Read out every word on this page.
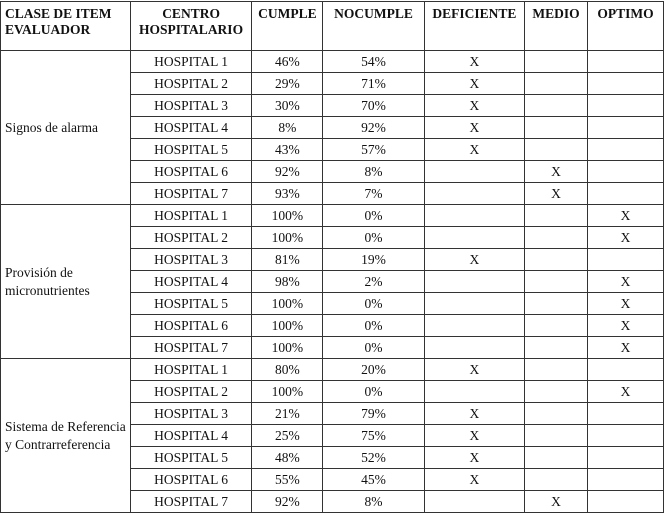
CLASE DE ITEM EVALUADOR	CENTRO HOSPITALARIO	CUMPLE	NOCUMPLE	DEFICIENTE	MEDIO	OPTIMO
Signos de alarma	HOSPITAL 1	46%	54%	X		
	HOSPITAL 2	29%	71%	X		
	HOSPITAL 3	30%	70%	X		
	HOSPITAL 4	8%	92%	X		
	HOSPITAL 5	43%	57%	X		
	HOSPITAL 6	92%	8%		X	
	HOSPITAL 7	93%	7%		X	
Provisión de micronutrientes	HOSPITAL 1	100%	0%			X
	HOSPITAL 2	100%	0%			X
	HOSPITAL 3	81%	19%	X		
	HOSPITAL 4	98%	2%			X
	HOSPITAL 5	100%	0%			X
	HOSPITAL 6	100%	0%			X
	HOSPITAL 7	100%	0%			X
Sistema de Referencia y Contrarreferencia	HOSPITAL 1	80%	20%	X		
	HOSPITAL 2	100%	0%			X
	HOSPITAL 3	21%	79%	X		
	HOSPITAL 4	25%	75%	X		
	HOSPITAL 5	48%	52%	X		
	HOSPITAL 6	55%	45%	X		
	HOSPITAL 7	92%	8%		X	
